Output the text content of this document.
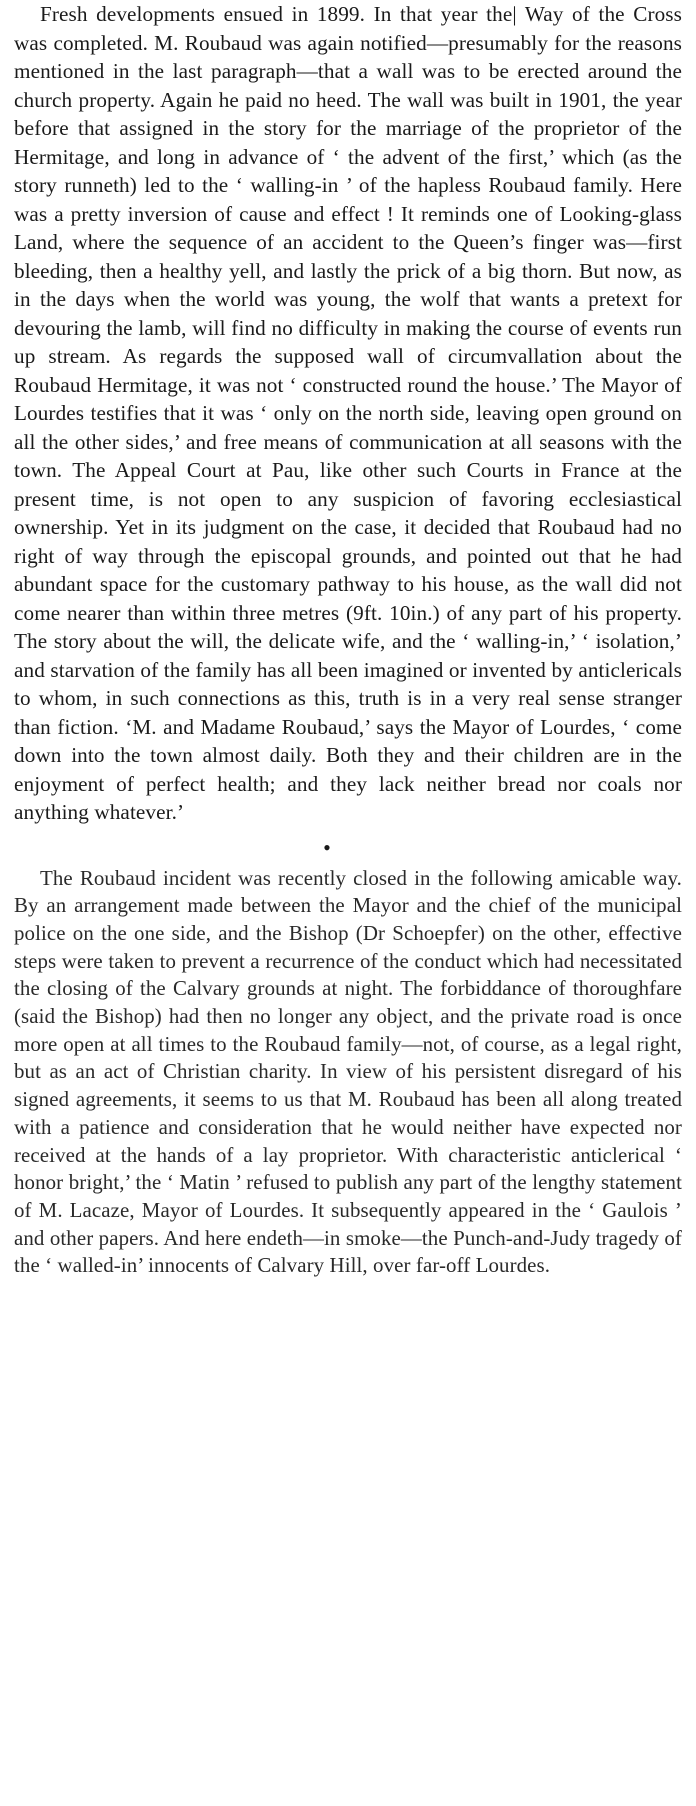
Fresh developments ensued in 1899. In that year the| Way of the Cross was completed. M. Roubaud was again notified—presumably for the reasons mentioned in the last paragraph—that a wall was to be erected around the church property. Again he paid no heed. The wall was built in 1901, the year before that assigned in the story for the marriage of the proprietor of the Hermitage, and long in advance of ‘ the advent of the first,’ which (as the story runneth) led to the ‘ walling-in ’ of the hapless Roubaud family. Here was a pretty inversion of cause and effect ! It reminds one of Looking-glass Land, where the sequence of an accident to the Queen’s finger was—first bleeding, then a healthy yell, and lastly the prick of a big thorn. But now, as in the days when the world was young, the wolf that wants a pretext for devouring the lamb, will find no difficulty in making the course of events run up stream. As regards the supposed wall of circumvallation about the Roubaud Hermitage, it was not ‘ constructed round the house.’ The Mayor of Lourdes testifies that it was ‘ only on the north side, leaving open ground on all the other sides,’ and free means of communication at all seasons with the town. The Appeal Court at Pau, like other such Courts in France at the present time, is not open to any suspicion of favoring ecclesiastical ownership. Yet in its judgment on the case, it decided that Roubaud had no right of way through the episcopal grounds, and pointed out that he had abundant space for the customary pathway to his house, as the wall did not come nearer than within three metres (9ft. 10in.) of any part of his property. The story about the will, the delicate wife, and the ‘ walling-in,’ ‘ isolation,’ and starvation of the family has all been imagined or invented by anticlericals to whom, in such connections as this, truth is in a very real sense stranger than fiction. ‘M. and Madame Roubaud,’ says the Mayor of Lourdes, ‘ come down into the town almost daily. Both they and their children are in the enjoyment of perfect health; and they lack neither bread nor coals nor anything whatever.’

•

The Roubaud incident was recently closed in the following amicable way. By an arrangement made between the Mayor and the chief of the municipal police on the one side, and the Bishop (Dr Schoepfer) on the other, effective steps were taken to prevent a recurrence of the conduct which had necessitated the closing of the Calvary grounds at night. The forbiddance of thoroughfare (said the Bishop) had then no longer any object, and the private road is once more open at all times to the Roubaud family—not, of course, as a legal right, but as an act of Christian charity. In view of his persistent disregard of his signed agreements, it seems to us that M. Roubaud has been all along treated with a patience and consideration that he would neither have expected nor received at the hands of a lay proprietor. With characteristic anticlerical ‘ honor bright,’ the ‘ Matin ’ refused to publish any part of the lengthy statement of M. Lacaze, Mayor of Lourdes. It subsequently appeared in the ‘ Gaulois ’ and other papers. And here endeth—in smoke—the Punch-and-Judy tragedy of the ‘ walled-in’ innocents of Calvary Hill, over far-off Lourdes.
